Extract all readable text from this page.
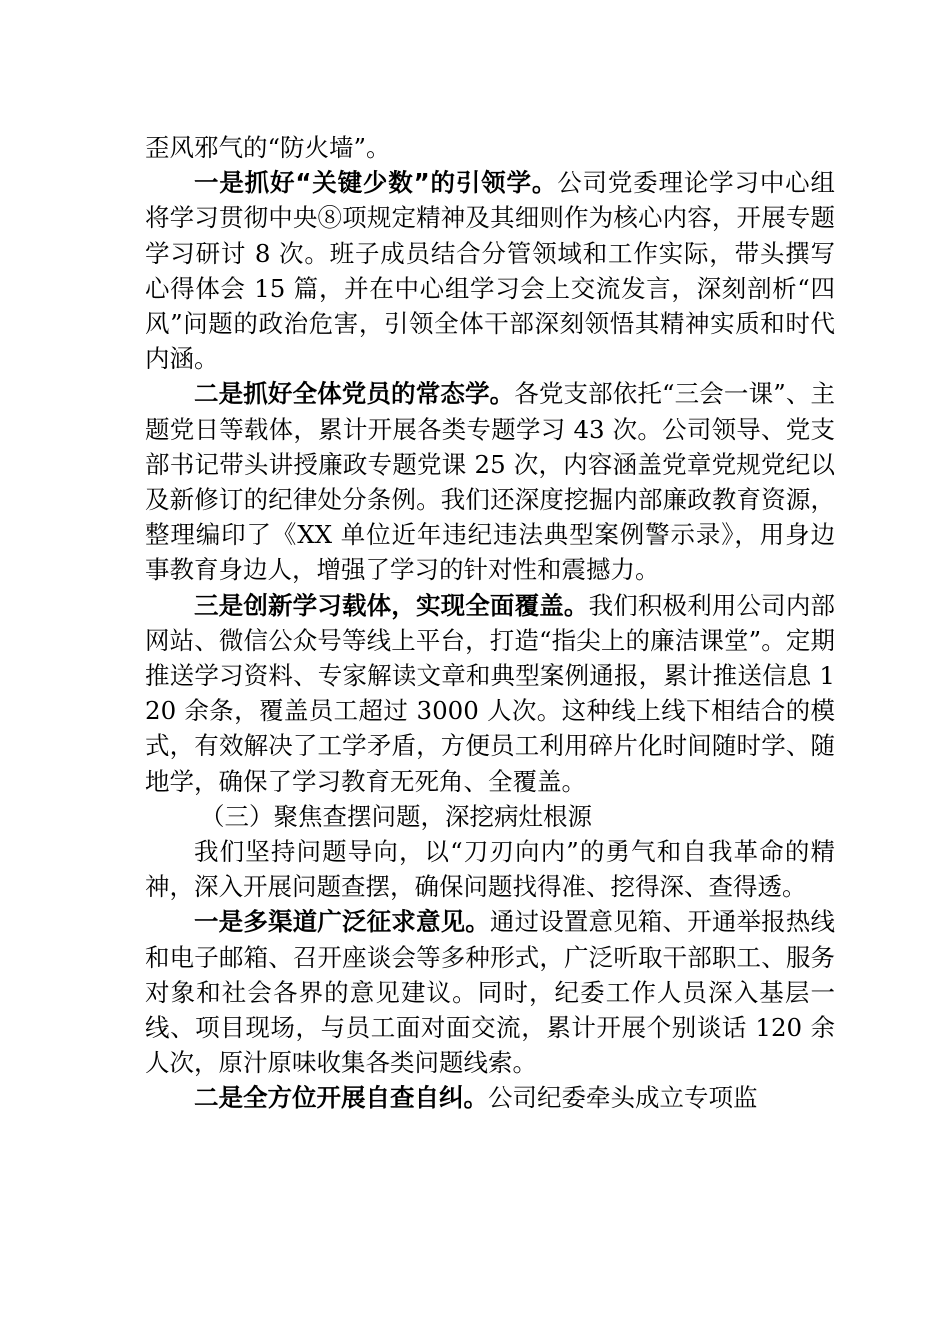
歪风邪气的“防火墙”。

一是抓好“关键少数”的引领学。公司党委理论学习中心组将学习贯彻中央⑧项规定精神及其细则作为核心内容，开展专题学习研讨 8 次。班子成员结合分管领域和工作实际，带头撰写心得体会 15 篇，并在中心组学习会上交流发言，深刻剖析“四风”问题的政治危害，引领全体干部深刻领悟其精神实质和时代内涵。

二是抓好全体党员的常态学。各党支部依托“三会一课”、主题党日等载体，累计开展各类专题学习 43 次。公司领导、党支部书记带头讲授廉政专题党课 25 次，内容涵盖党章党规党纪以及新修订的纪律处分条例。我们还深度挖掘内部廉政教育资源，整理编印了《XX 单位近年违纪违法典型案例警示录》，用身边事教育身边人，增强了学习的针对性和震撼力。

三是创新学习载体，实现全面覆盖。我们积极利用公司内部网站、微信公众号等线上平台，打造“指尖上的廉洁课堂”。定期推送学习资料、专家解读文章和典型案例通报，累计推送信息 120 余条，覆盖员工超过 3000 人次。这种线上线下相结合的模式，有效解决了工学矛盾，方便员工利用碎片化时间随时学、随地学，确保了学习教育无死角、全覆盖。

（三）聚焦查摆问题，深挖病灶根源

我们坚持问题导向，以“刀刃向内”的勇气和自我革命的精神，深入开展问题查摆，确保问题找得准、挖得深、查得透。

一是多渠道广泛征求意见。通过设置意见箱、开通举报热线和电子邮箱、召开座谈会等多种形式，广泛听取干部职工、服务对象和社会各界的意见建议。同时，纪委工作人员深入基层一线、项目现场，与员工面对面交流，累计开展个别谈话 120 余人次，原汁原味收集各类问题线索。

二是全方位开展自查自纠。公司纪委牵头成立专项监
